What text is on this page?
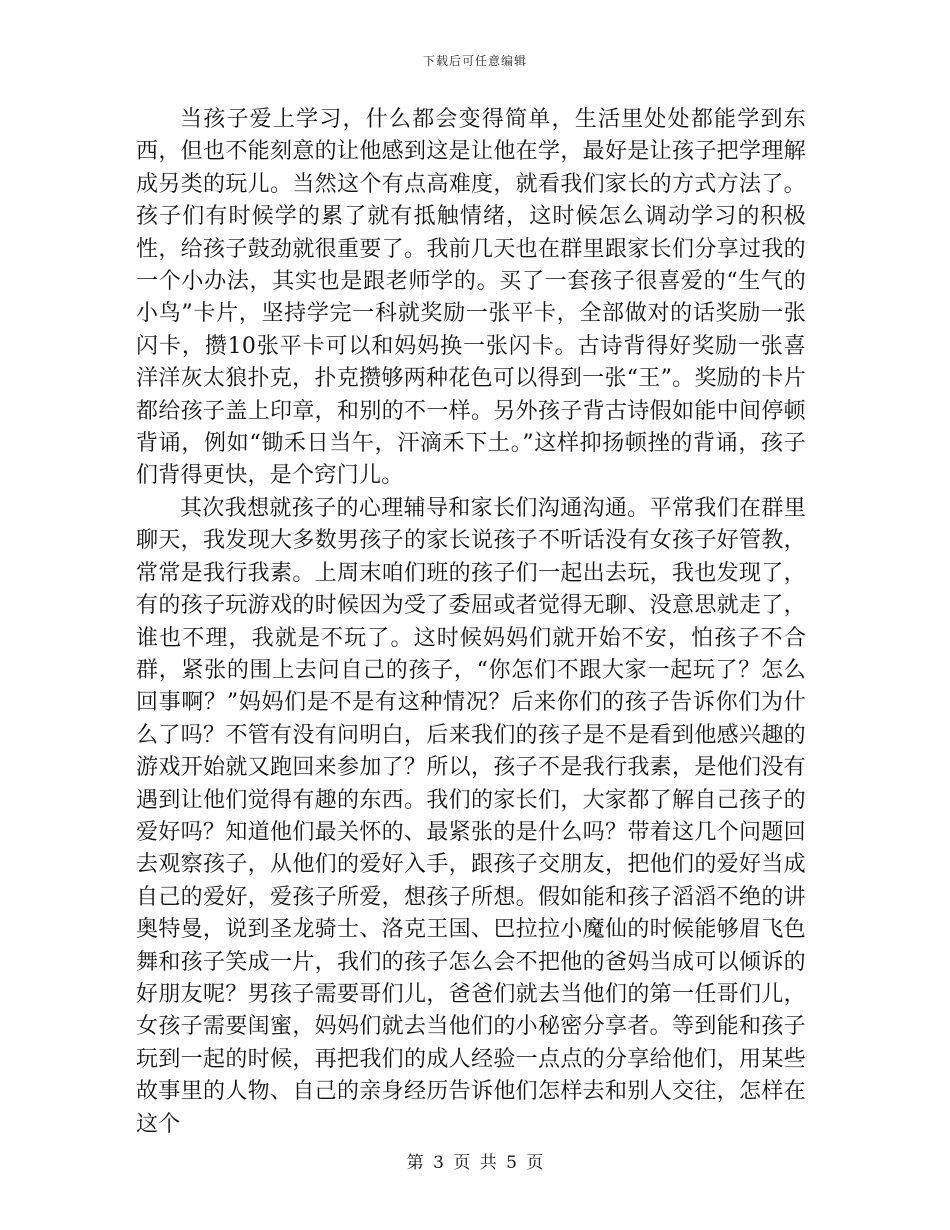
下载后可任意编辑

当孩子爱上学习，什么都会变得简单，生活里处处都能学到东西，但也不能刻意的让他感到这是让他在学，最好是让孩子把学理解成另类的玩儿。当然这个有点高难度，就看我们家长的方式方法了。孩子们有时候学的累了就有抵触情绪，这时候怎么调动学习的积极性，给孩子鼓劲就很重要了。我前几天也在群里跟家长们分享过我的一个小办法，其实也是跟老师学的。买了一套孩子很喜爱的“生气的小鸟”卡片，坚持学完一科就奖励一张平卡，全部做对的话奖励一张闪卡，攒10张平卡可以和妈妈换一张闪卡。古诗背得好奖励一张喜洋洋灰太狼扑克，扑克攒够两种花色可以得到一张“王”。奖励的卡片都给孩子盖上印章，和别的不一样。另外孩子背古诗假如能中间停顿背诵，例如“锄禾日当午，汗滴禾下土。”这样抑扬顿挫的背诵，孩子们背得更快，是个窍门儿。

其次我想就孩子的心理辅导和家长们沟通沟通。平常我们在群里聊天，我发现大多数男孩子的家长说孩子不听话没有女孩子好管教，常常是我行我素。上周末咱们班的孩子们一起出去玩，我也发现了，有的孩子玩游戏的时候因为受了委屈或者觉得无聊、没意思就走了，谁也不理，我就是不玩了。这时候妈妈们就开始不安，怕孩子不合群，紧张的围上去问自己的孩子，“你怎们不跟大家一起玩了？怎么回事啊？”妈妈们是不是有这种情况？后来你们的孩子告诉你们为什么了吗？不管有没有问明白，后来我们的孩子是不是看到他感兴趣的游戏开始就又跑回来参加了？所以，孩子不是我行我素，是他们没有遇到让他们觉得有趣的东西。我们的家长们，大家都了解自己孩子的爱好吗？知道他们最关怀的、最紧张的是什么吗？带着这几个问题回去观察孩子，从他们的爱好入手，跟孩子交朋友，把他们的爱好当成自己的爱好，爱孩子所爱，想孩子所想。假如能和孩子滔滔不绝的讲奥特曼，说到圣龙骑士、洛克王国、巴拉拉小魔仙的时候能够眉飞色舞和孩子笑成一片，我们的孩子怎么会不把他的爸妈当成可以倾诉的好朋友呢？男孩子需要哥们儿，爸爸们就去当他们的第一任哥们儿，女孩子需要闺蜜，妈妈们就去当他们的小秘密分享者。等到能和孩子玩到一起的时候，再把我们的成人经验一点点的分享给他们，用某些故事里的人物、自己的亲身经历告诉他们怎样去和别人交往，怎样在这个

第 3 页 共 5 页
